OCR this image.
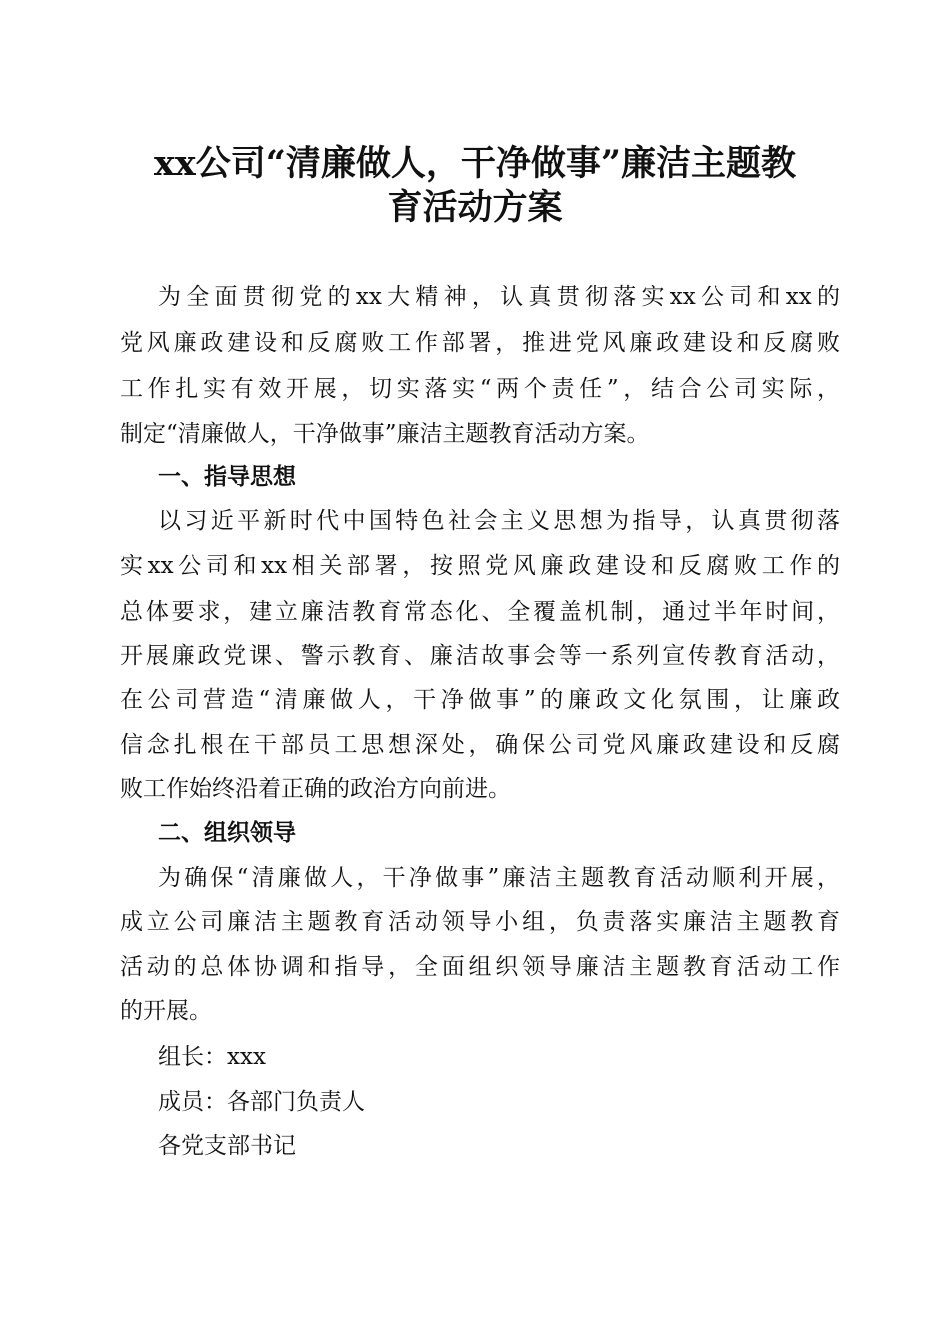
xx公司“清廉做人，干净做事”廉洁主题教
育活动方案
为全面贯彻党的xx大精神，认真贯彻落实xx公司和xx的
党风廉政建设和反腐败工作部署，推进党风廉政建设和反腐败
工作扎实有效开展，切实落实“两个责任”，结合公司实际，
制定“清廉做人，干净做事”廉洁主题教育活动方案。
一、指导思想
以习近平新时代中国特色社会主义思想为指导，认真贯彻落
实xx公司和xx相关部署，按照党风廉政建设和反腐败工作的
总体要求，建立廉洁教育常态化、全覆盖机制，通过半年时间，
开展廉政党课、警示教育、廉洁故事会等一系列宣传教育活动，
在公司营造“清廉做人，干净做事”的廉政文化氛围，让廉政
信念扎根在干部员工思想深处，确保公司党风廉政建设和反腐
败工作始终沿着正确的政治方向前进。
二、组织领导
为确保“清廉做人，干净做事”廉洁主题教育活动顺利开展，
成立公司廉洁主题教育活动领导小组，负责落实廉洁主题教育
活动的总体协调和指导，全面组织领导廉洁主题教育活动工作
的开展。
组长：xxx
成员：各部门负责人
各党支部书记
